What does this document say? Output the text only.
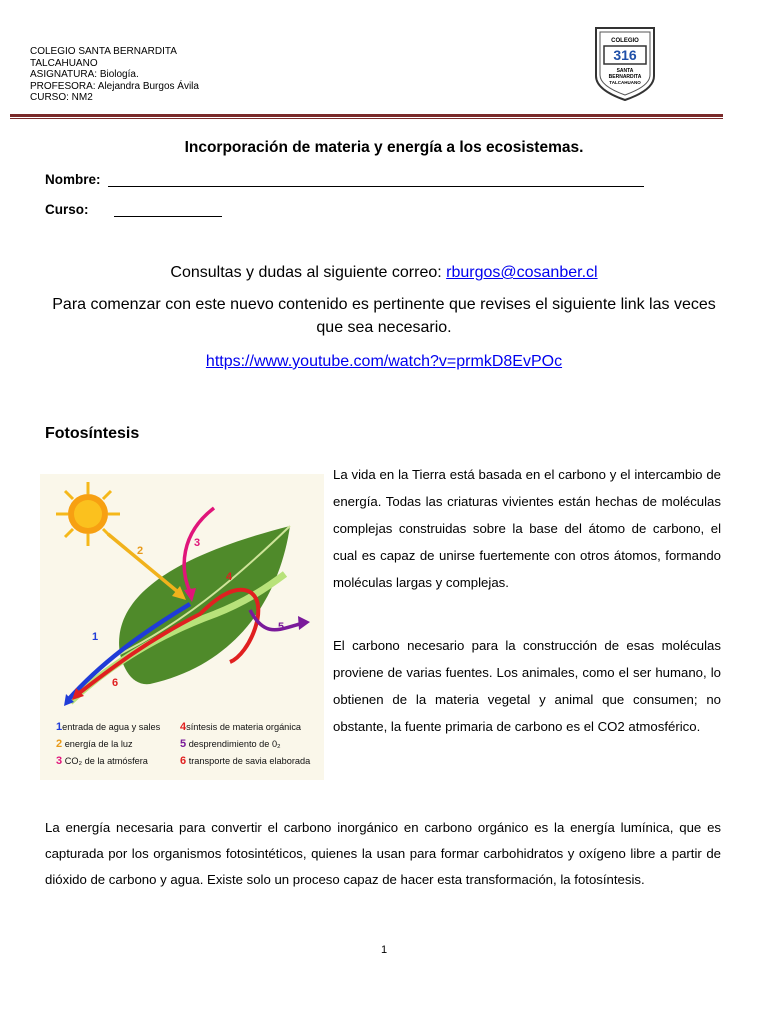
COLEGIO SANTA BERNARDITA
TALCAHUANO
ASIGNATURA: Biología.
PROFESORA: Alejandra Burgos Ávila
CURSO: NM2
COLEGIO
316
SANTA
BERNARDITA
TALCAHUANO
Incorporación de materia y energía a los ecosistemas.
Nombre:
Curso:
Consultas y dudas al siguiente correo: rburgos@cosanber.cl
Para comenzar con este nuevo contenido es pertinente que revises el siguiente link las veces que sea necesario.
https://www.youtube.com/watch?v=prmkD8EvPOc
Fotosíntesis
1
2
3
4
5
6
1entrada de agua y sales
2 energía de la luz
3 CO₂ de la atmósfera
4síntesis de materia orgánica
5 desprendimiento de 0₂
6 transporte de savia elaborada
La vida en la Tierra está basada en el carbono y el intercambio de energía. Todas las criaturas vivientes están hechas de moléculas complejas construidas sobre la base del átomo de carbono, el cual es capaz de unirse fuertemente con otros átomos, formando moléculas largas y complejas.
El carbono necesario para la construcción de esas moléculas proviene de varias fuentes. Los animales, como el ser humano, lo obtienen de la materia vegetal y animal que consumen; no obstante, la fuente primaria de carbono es el CO2 atmosférico.
La energía necesaria para convertir el carbono inorgánico en carbono orgánico es la energía lumínica, que es capturada por los organismos fotosintéticos, quienes la usan para formar carbohidratos y oxígeno libre a partir de dióxido de carbono y agua. Existe solo un proceso capaz de hacer esta transformación, la fotosíntesis.
1
